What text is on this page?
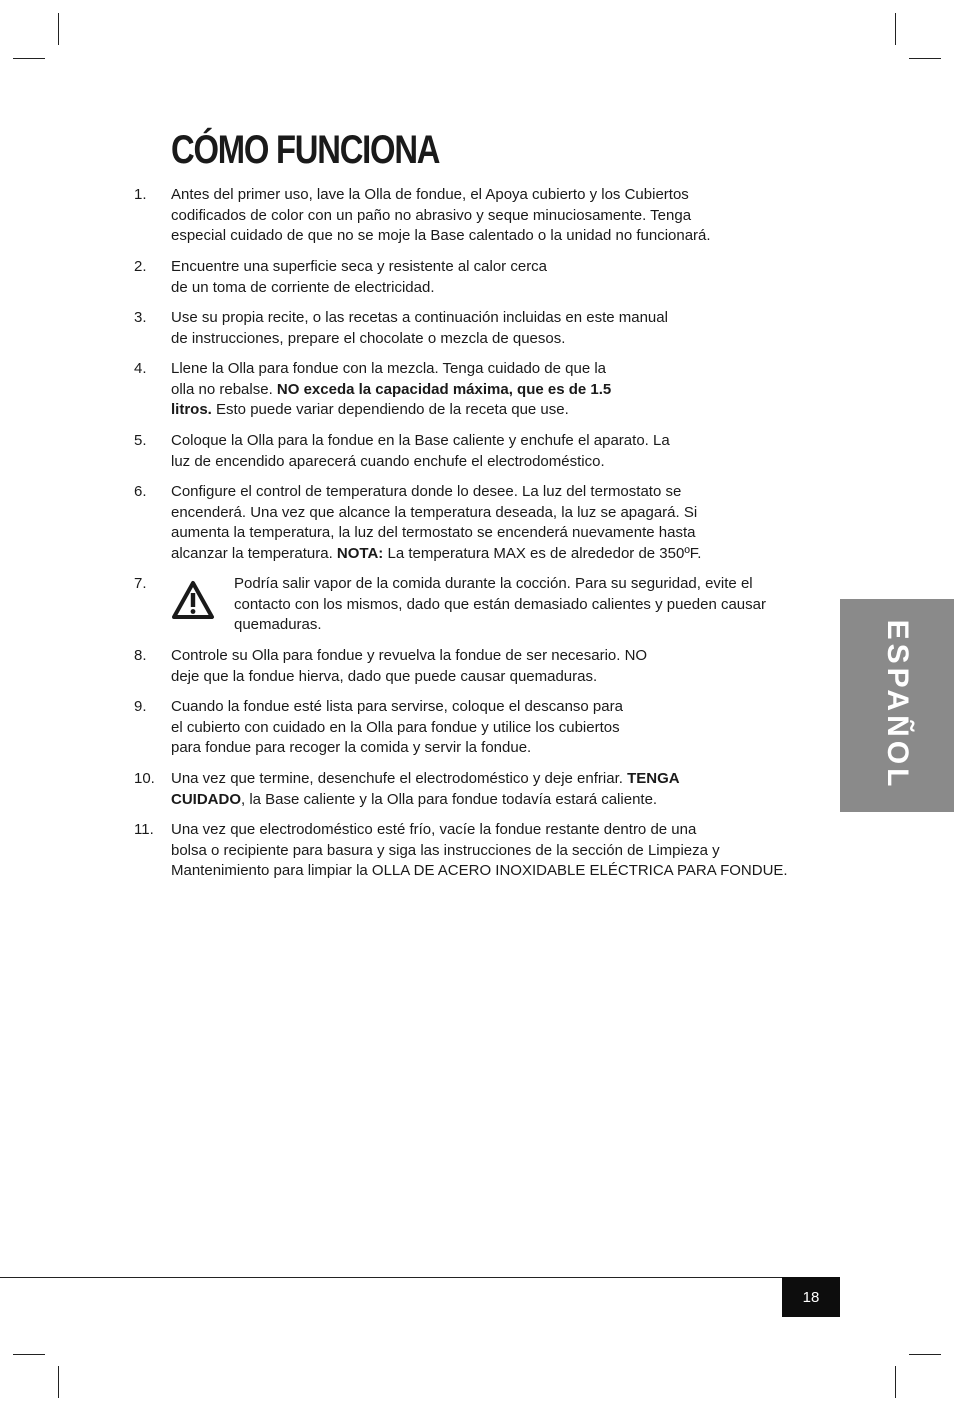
CÓMO FUNCIONA
1. Antes del primer uso, lave la Olla de fondue, el Apoya cubierto y los Cubiertos
codificados de color con un paño no abrasivo y seque minuciosamente. Tenga
especial cuidado de que no se moje la Base calentado o la unidad no funcionará.
2. Encuentre una superficie seca y resistente al calor cerca
de un toma de corriente de electricidad.
3. Use su propia recite, o las recetas a continuación incluidas en este manual
de instrucciones, prepare el chocolate o mezcla de quesos.
4. Llene la Olla para fondue con la mezcla. Tenga cuidado de que la
olla no rebalse. NO exceda la capacidad máxima, que es de 1.5
litros. Esto puede variar dependiendo de la receta que use.
5. Coloque la Olla para la fondue en la Base caliente y enchufe el aparato. La
luz de encendido aparecerá cuando enchufe el electrodoméstico.
6. Configure el control de temperatura donde lo desee. La luz del termostato se
encenderá. Una vez que alcance la temperatura deseada, la luz se apagará. Si
aumenta la temperatura, la luz del termostato se encenderá nuevamente hasta
alcanzar la temperatura. NOTA: La temperatura MAX es de alrededor de 350ºF.
7.	Podría salir vapor de la comida durante la cocción. Para su seguridad, evite el
contacto con los mismos, dado que están demasiado calientes y pueden causar
quemaduras.
8. Controle su Olla para fondue y revuelva la fondue de ser necesario. NO
deje que la fondue hierva, dado que puede causar quemaduras.
9. Cuando la fondue esté lista para servirse, coloque el descanso para
el cubierto con cuidado en la Olla para fondue y utilice los cubiertos
para fondue para recoger la comida y servir la fondue.
10. Una vez que termine, desenchufe el electrodoméstico y deje enfriar. TENGA
CUIDADO, la Base caliente y la Olla para fondue todavía estará caliente.
11. Una vez que electrodoméstico esté frío, vacíe la fondue restante dentro de una
bolsa o recipiente para basura y siga las instrucciones de la sección de Limpieza y
Mantenimiento para limpiar la OLLA DE ACERO INOXIDABLE ELÉCTRICA PARA FONDUE.
ESPAÑOL
18
